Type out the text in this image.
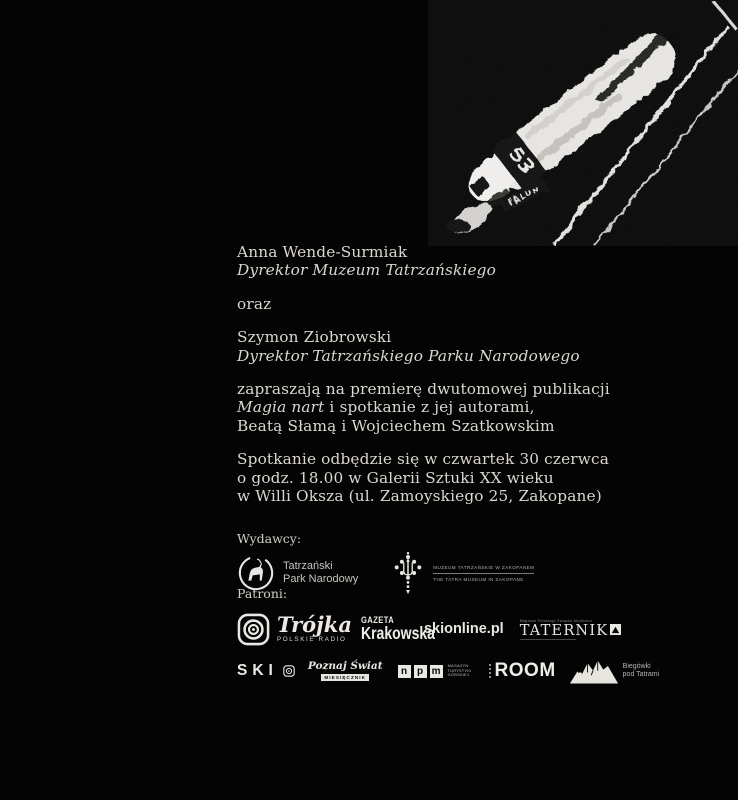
Anna Wende-Surmiak
Dyrektor Muzeum Tatrzańskiego

oraz

Szymon Ziobrowski
Dyrektor Tatrzańskiego Parku Narodowego

zapraszają na premierę dwutomowej publikacji
Magia nart i spotkanie z jej autorami,
Beatą Słamą i Wojciechem Szatkowskim

Spotkanie odbędzie się w czwartek 30 czerwca
o godz. 18.00 w Galerii Sztuki XX wieku
w Willi Oksza (ul. Zamoyskiego 25, Zakopane)

Wydawcy:
Tatrzański
Park Narodowy
MUZEUM TATRZAŃSKIE W ZAKOPANEM
THE TATRA MUSEUM IN ZAKOPANE
Patroni:
Trójka
POLSKIE RADIO
GAZETA
Krakowska
skionline.pl
Magazyn Polskiego Związku Alpinizmu
TATERNIK
SKI	Poznaj Świat
MIESIĘCZNIK
n p m	MAGAZYN
TURYSTYKI
GÓRSKIEJ ROOM	Biegówki
pod Tatrami
